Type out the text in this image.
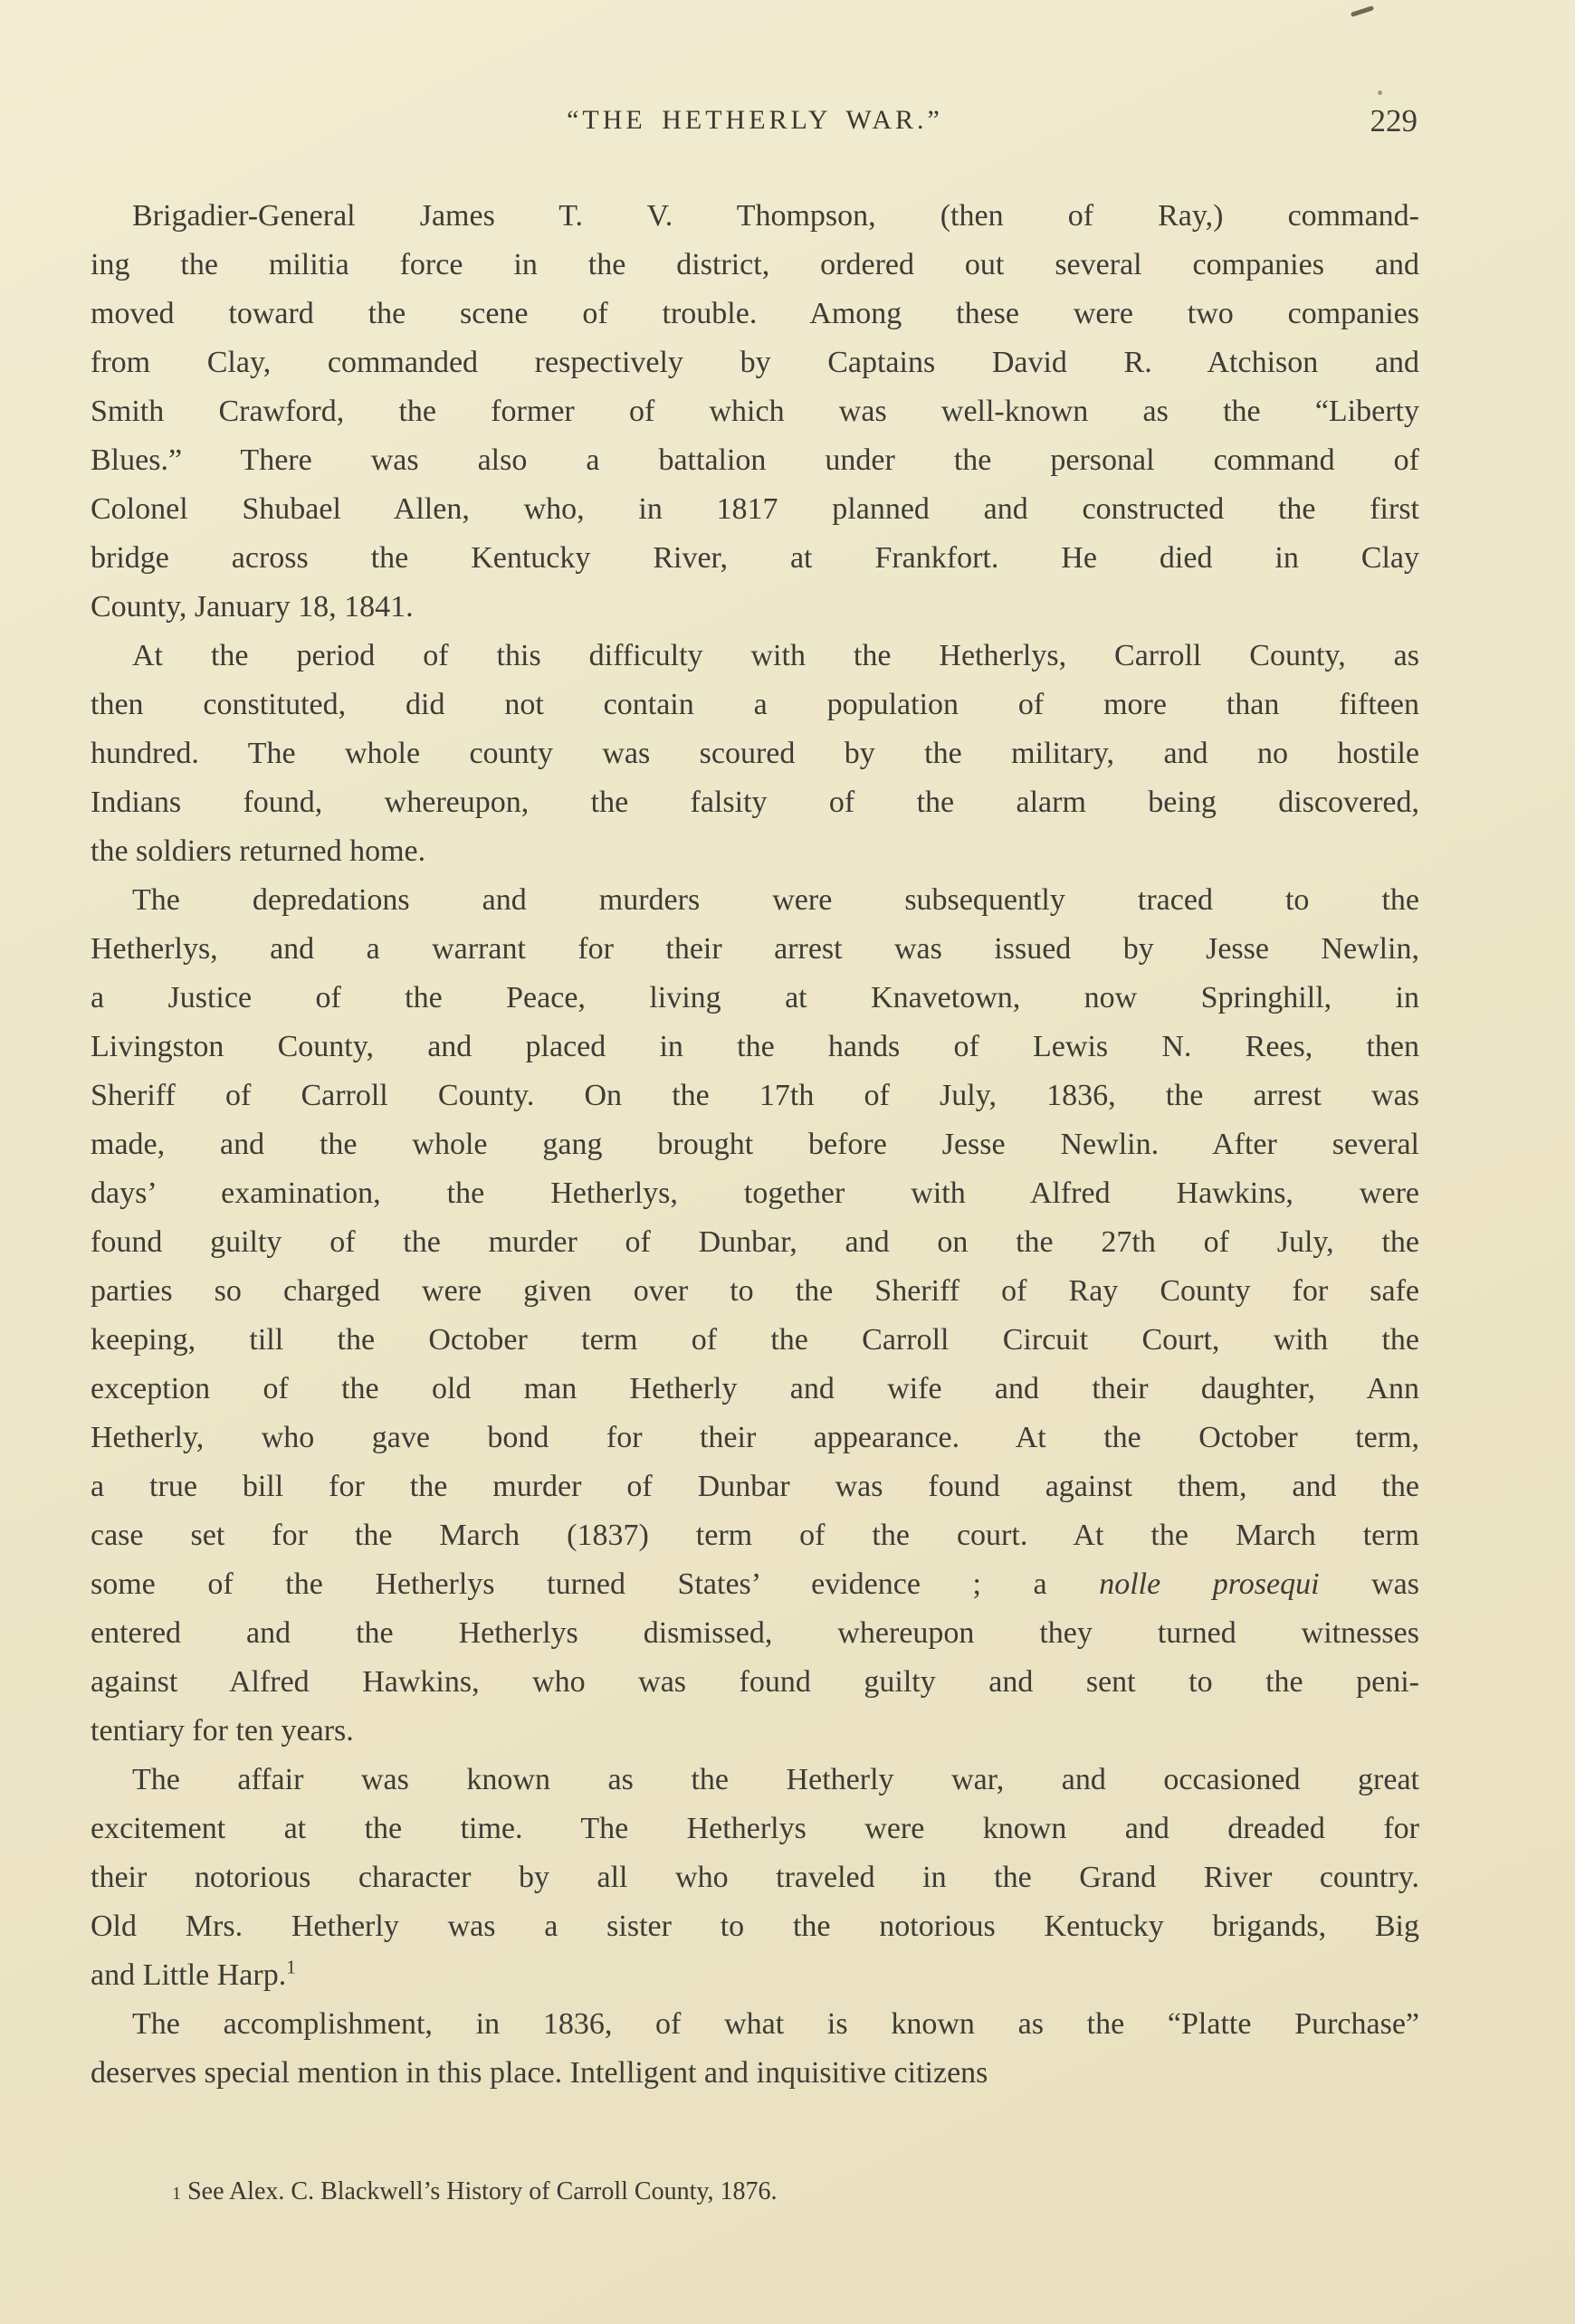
“THE HETHERLY WAR.”	229

Brigadier-General James T. V. Thompson, (then of Ray,) command-
ing the militia force in the district, ordered out several companies and
moved toward the scene of trouble. Among these were two companies
from Clay, commanded respectively by Captains David R. Atchison and
Smith Crawford, the former of which was well-known as the “Liberty
Blues.” There was also a battalion under the personal command of
Colonel Shubael Allen, who, in 1817 planned and constructed the first
bridge across the Kentucky River, at Frankfort. He died in Clay
County, January 18, 1841.

At the period of this difficulty with the Hetherlys, Carroll County, as
then constituted, did not contain a population of more than fifteen
hundred. The whole county was scoured by the military, and no hostile
Indians found, whereupon, the falsity of the alarm being discovered,
the soldiers returned home.

The depredations and murders were subsequently traced to the
Hetherlys, and a warrant for their arrest was issued by Jesse Newlin,
a Justice of the Peace, living at Knavetown, now Springhill, in
Livingston County, and placed in the hands of Lewis N. Rees, then
Sheriff of Carroll County. On the 17th of July, 1836, the arrest was
made, and the whole gang brought before Jesse Newlin. After several
days’ examination, the Hetherlys, together with Alfred Hawkins, were
found guilty of the murder of Dunbar, and on the 27th of July, the
parties so charged were given over to the Sheriff of Ray County for safe
keeping, till the October term of the Carroll Circuit Court, with the
exception of the old man Hetherly and wife and their daughter, Ann
Hetherly, who gave bond for their appearance. At the October term,
a true bill for the murder of Dunbar was found against them, and the
case set for the March (1837) term of the court. At the March term
some of the Hetherlys turned States’ evidence ; a nolle prosequi was
entered and the Hetherlys dismissed, whereupon they turned witnesses
against Alfred Hawkins, who was found guilty and sent to the peni-
tentiary for ten years.

The affair was known as the Hetherly war, and occasioned great
excitement at the time. The Hetherlys were known and dreaded for
their notorious character by all who traveled in the Grand River country.
Old Mrs. Hetherly was a sister to the notorious Kentucky brigands, Big
and Little Harp.$^1$

The accomplishment, in 1836, of what is known as the “Platte Purchase”
deserves special mention in this place. Intelligent and inquisitive citizens

1 See Alex. C. Blackwell’s History of Carroll County, 1876.
